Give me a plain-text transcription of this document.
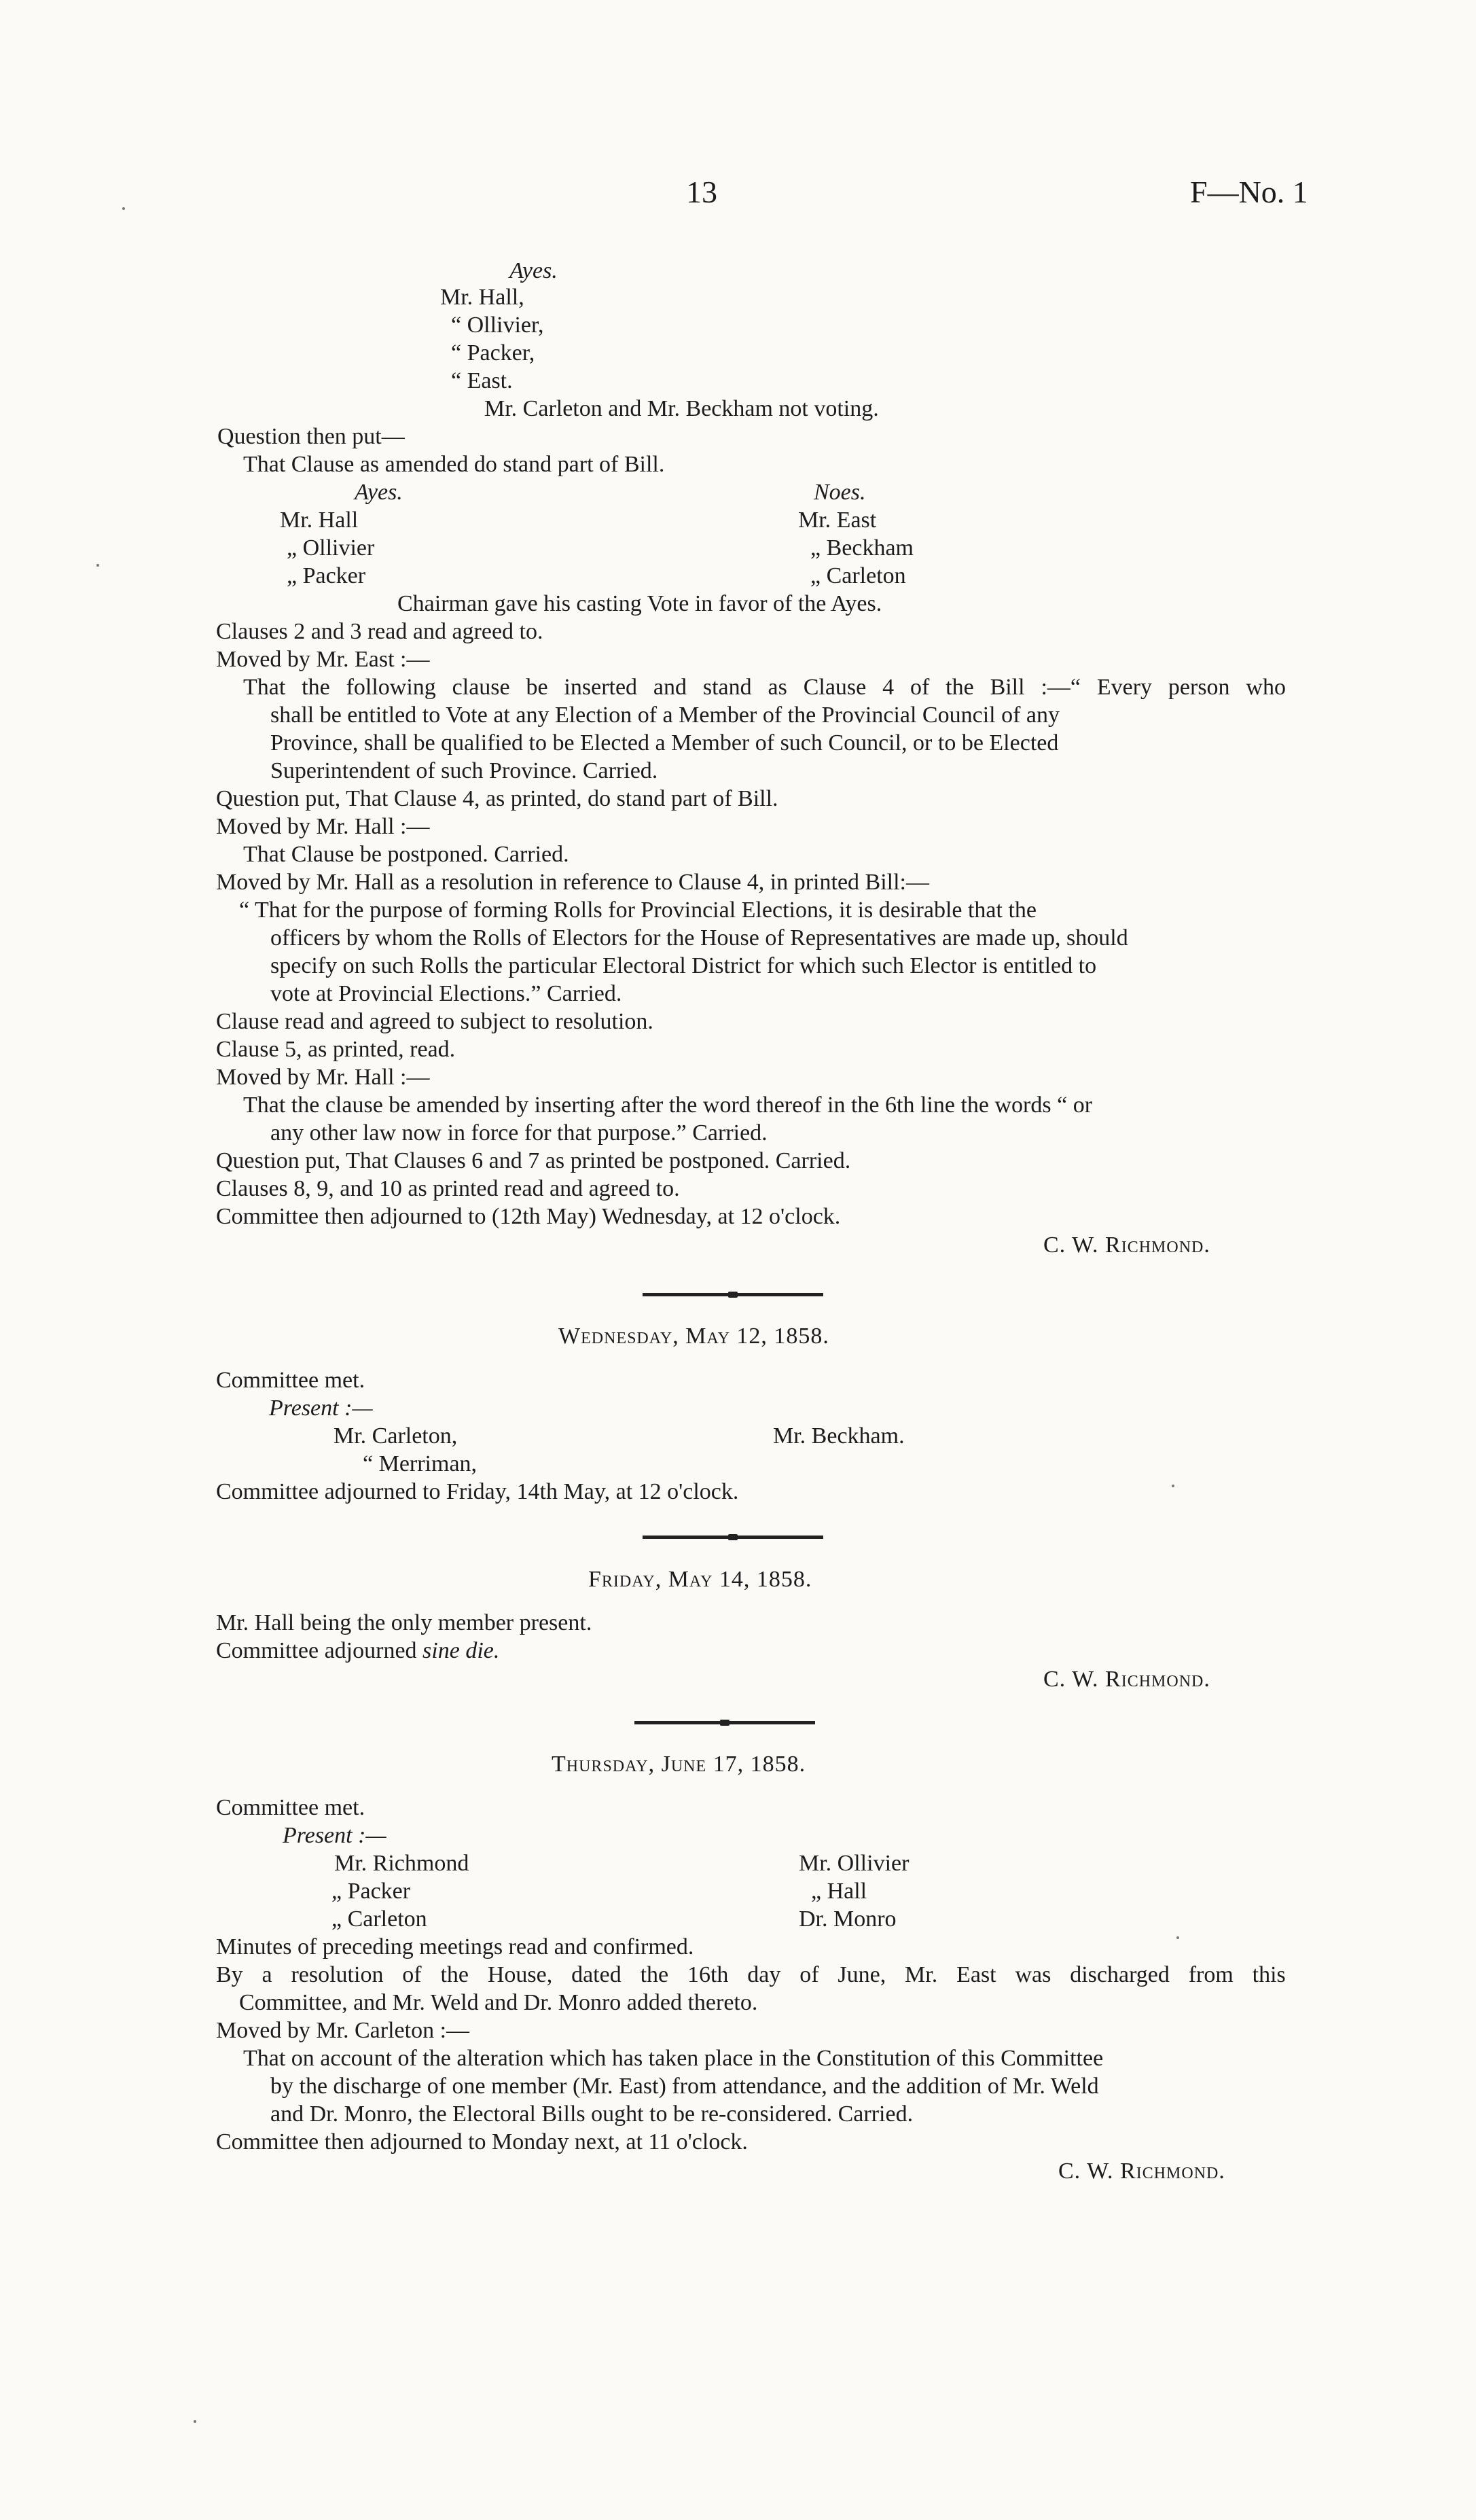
13	F—No. 1
Ayes.
Mr. Hall,
“ Ollivier,
“ Packer,
“ East.
Mr. Carleton and Mr. Beckham not voting.
Question then put—
That Clause as amended do stand part of Bill.
Ayes.	Noes.
Mr. Hall	Mr. East
„ Ollivier	„ Beckham
„ Packer	„ Carleton
Chairman gave his casting Vote in favor of the Ayes.
Clauses 2 and 3 read and agreed to.
Moved by Mr. East :—
That the following clause be inserted and stand as Clause 4 of the Bill :—“ Every person who
shall be entitled to Vote at any Election of a Member of the Provincial Council of any
Province, shall be qualified to be Elected a Member of such Council, or to be Elected
Superintendent of such Province. Carried.
Question put, That Clause 4, as printed, do stand part of Bill.
Moved by Mr. Hall :—
That Clause be postponed. Carried.
Moved by Mr. Hall as a resolution in reference to Clause 4, in printed Bill:—
“ That for the purpose of forming Rolls for Provincial Elections, it is desirable that the
officers by whom the Rolls of Electors for the House of Representatives are made up, should
specify on such Rolls the particular Electoral District for which such Elector is entitled to
vote at Provincial Elections.” Carried.
Clause read and agreed to subject to resolution.
Clause 5, as printed, read.
Moved by Mr. Hall :—
That the clause be amended by inserting after the word thereof in the 6th line the words “ or
any other law now in force for that purpose.” Carried.
Question put, That Clauses 6 and 7 as printed be postponed. Carried.
Clauses 8, 9, and 10 as printed read and agreed to.
Committee then adjourned to (12th May) Wednesday, at 12 o'clock.
C. W. Richmond.
Wednesday, May 12, 1858.
Committee met.
Present :—
Mr. Carleton,	Mr. Beckham.
“ Merriman,
Committee adjourned to Friday, 14th May, at 12 o'clock.
Friday, May 14, 1858.
Mr. Hall being the only member present.
Committee adjourned sine die.
C. W. Richmond.
Thursday, June 17, 1858.
Committee met.
Present :—
Mr. Richmond	Mr. Ollivier
„ Packer	„ Hall
„ Carleton	Dr. Monro
Minutes of preceding meetings read and confirmed.
By a resolution of the House, dated the 16th day of June, Mr. East was discharged from this
Committee, and Mr. Weld and Dr. Monro added thereto.
Moved by Mr. Carleton :—
That on account of the alteration which has taken place in the Constitution of this Committee
by the discharge of one member (Mr. East) from attendance, and the addition of Mr. Weld
and Dr. Monro, the Electoral Bills ought to be re-considered. Carried.
Committee then adjourned to Monday next, at 11 o'clock.
C. W. Richmond.
